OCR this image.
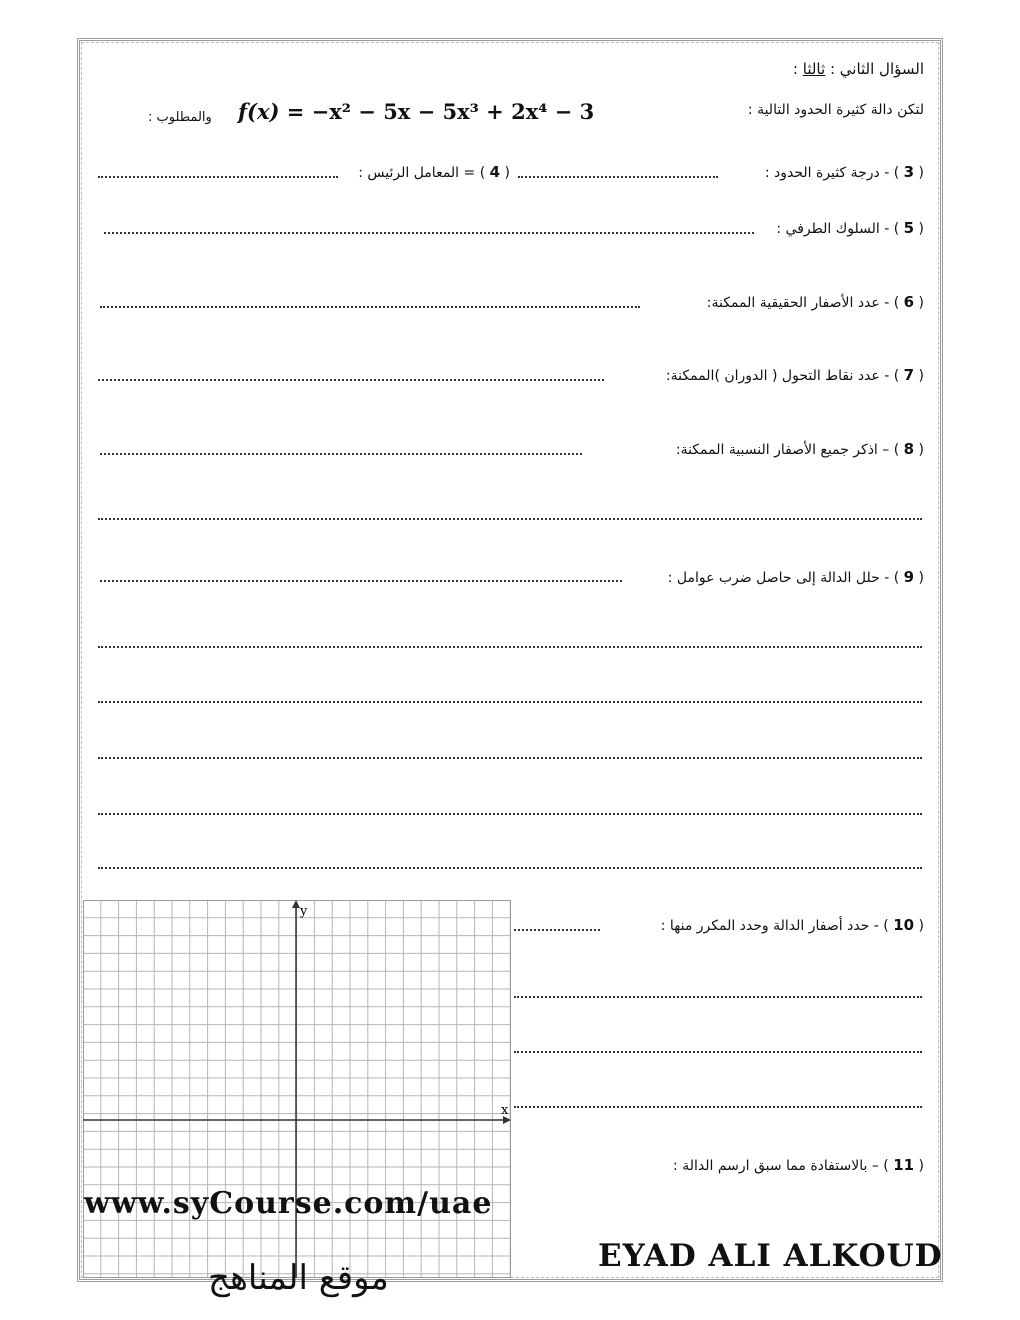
السؤال الثاني : ثالثا :
لتكن دالة كثيرة الحدود التالية :
f(x) = −x² − 5x − 5x³ + 2x⁴ − 3
والمطلوب :
( 3 ) - درجة كثيرة الحدود :
( 4 ) = المعامل الرئيس :
( 5 ) - السلوك الطرفي :
( 6 ) - عدد الأصفار الحقيقية الممكنة:
( 7 ) - عدد نقاط التحول ( الدوران )الممكنة:
( 8 ) – اذكر جميع الأصفار النسبية الممكنة:
( 9 ) - حلل الدالة إلى حاصل ضرب عوامل :
( 10 ) - حدد أصفار الدالة وحدد المكرر منها :
( 11 ) – بالاستفادة مما سبق ارسم الدالة :
x
y
www.syCourse.com/uae
موقع المناهج
EYAD ALI ALKOUD
